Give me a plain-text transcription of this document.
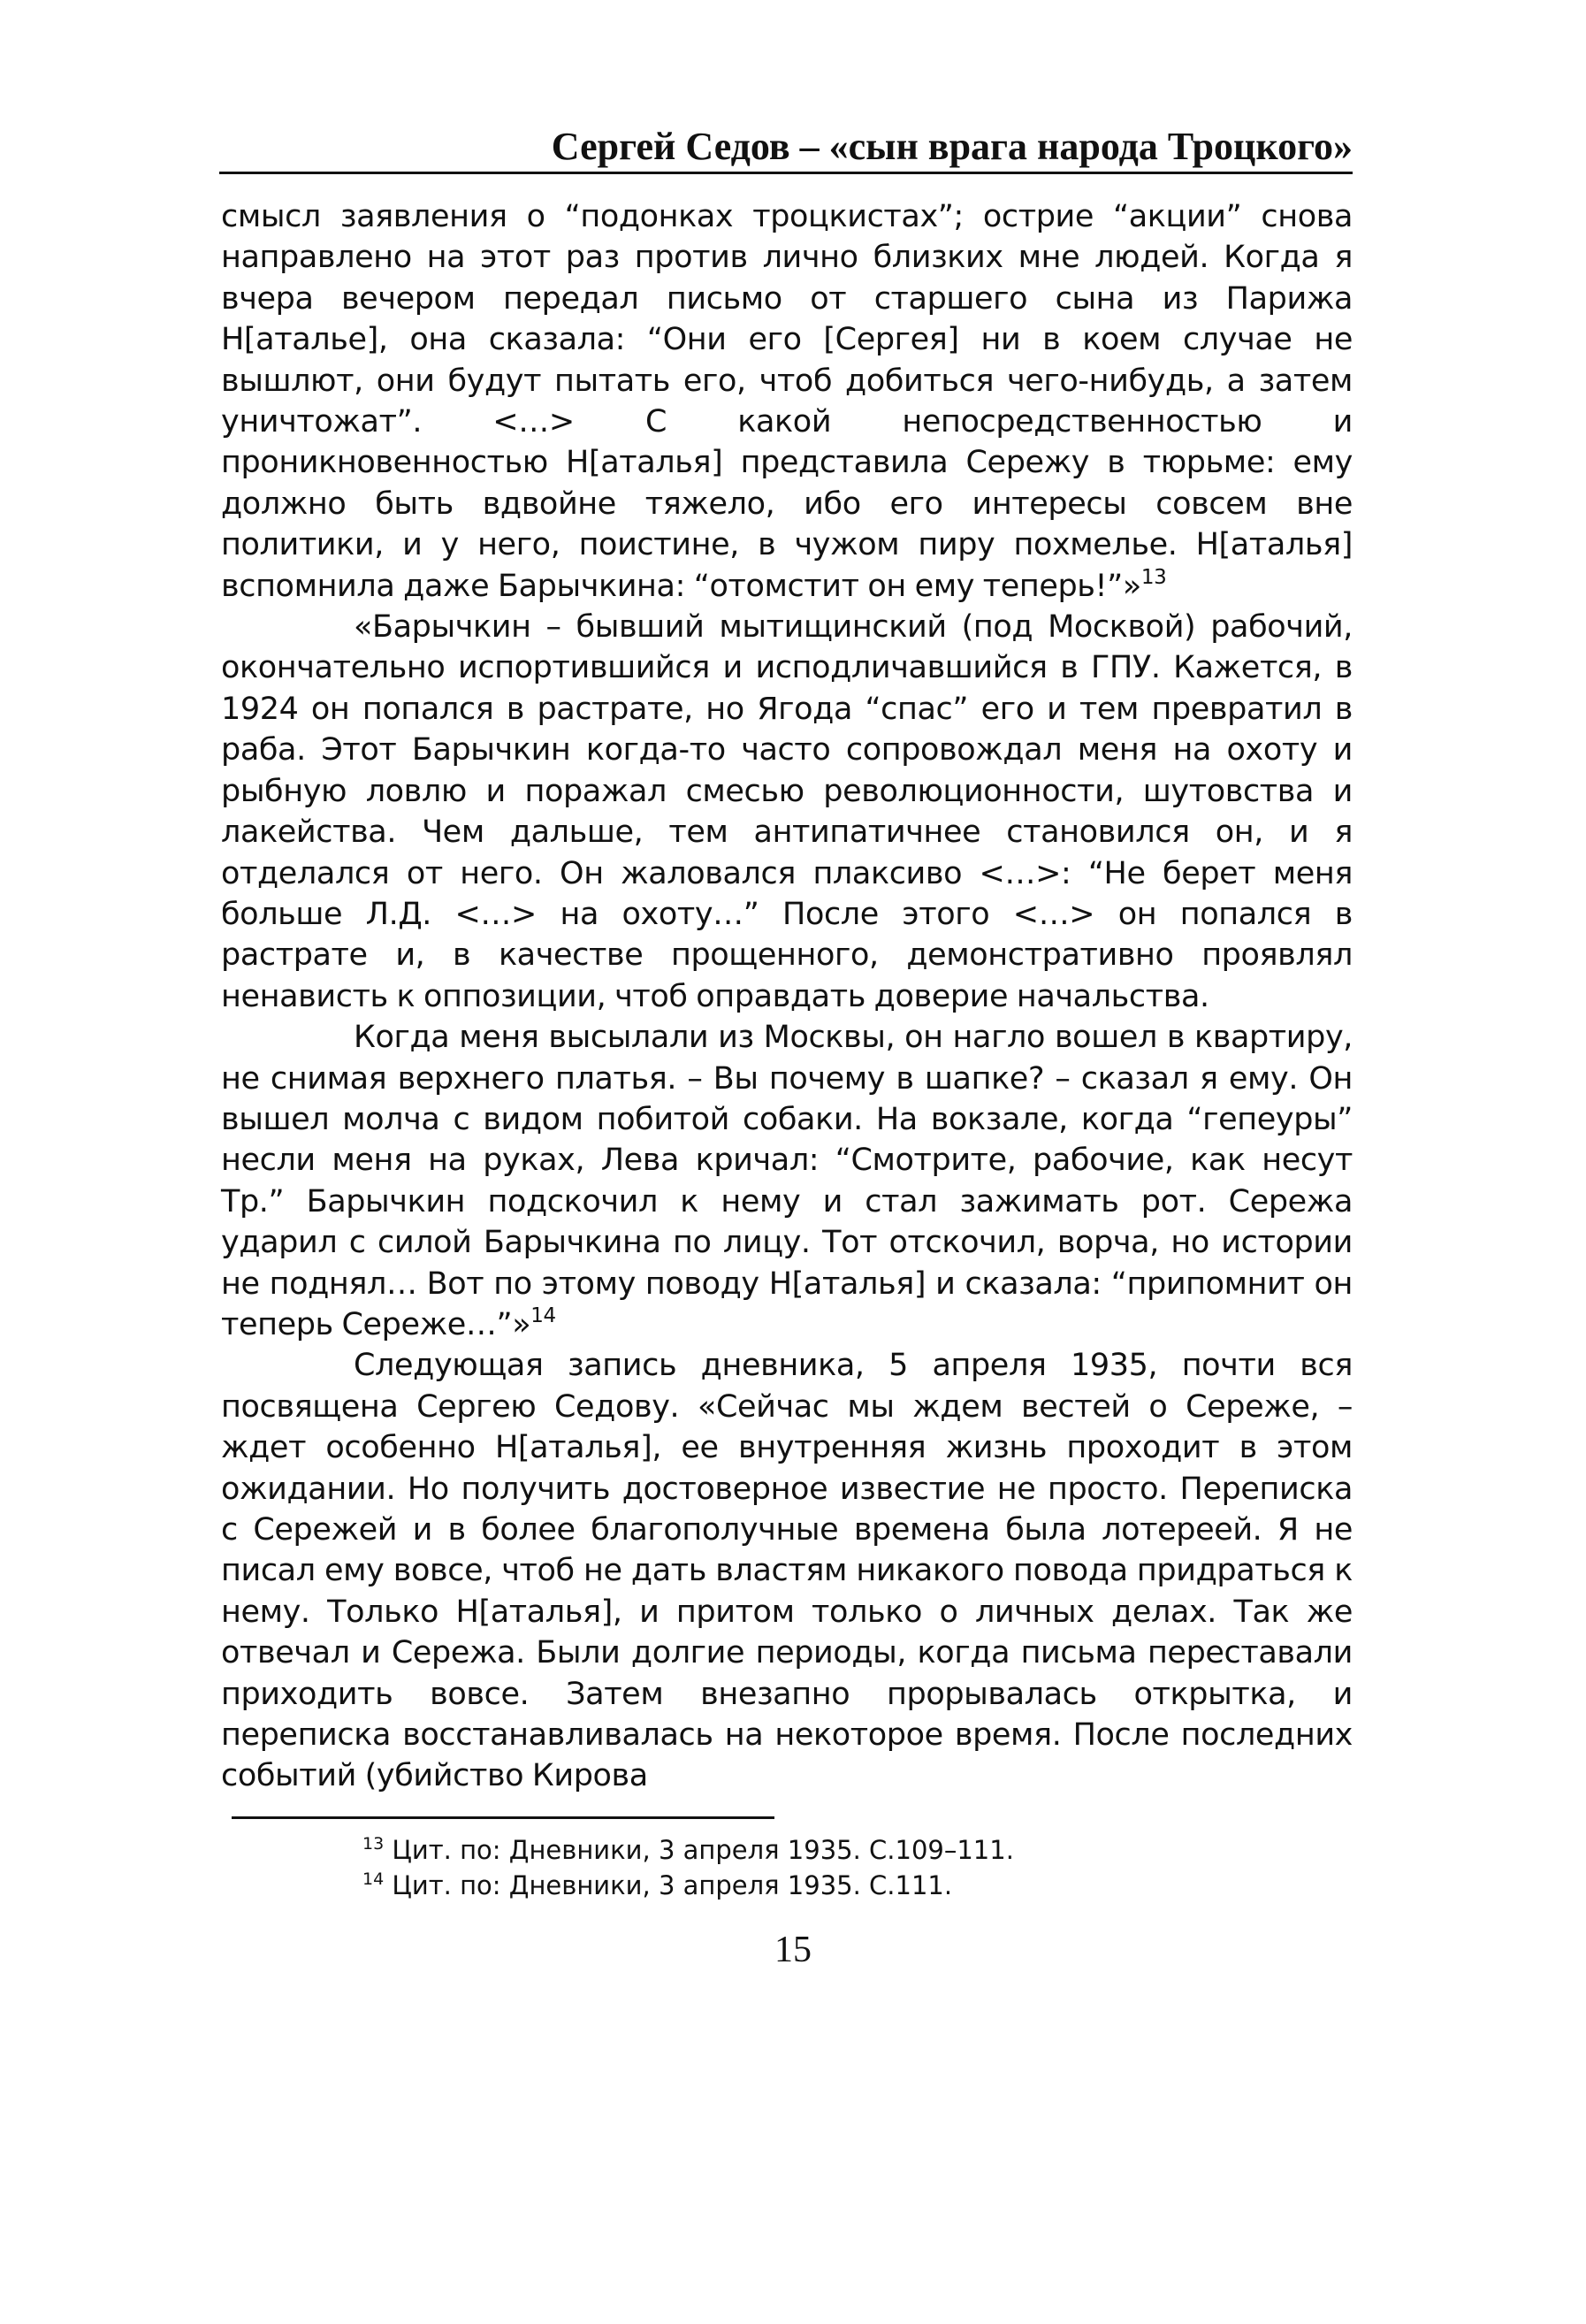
Сергей Седов – «сын врага народа Троцкого»

смысл заявления о “подонках троцкистах”; острие “акции” снова направлено на этот раз против лично близких мне людей. Когда я вчера вечером передал письмо от старшего сына из Парижа Н[аталье], она сказала: “Они его [Сергея] ни в коем случае не вышлют, они будут пытать его, чтоб добиться чего-нибудь, а затем уничтожат”. <…> С какой непосредственностью и проникновенностью Н[аталья] представила Сережу в тюрьме: ему должно быть вдвойне тяжело, ибо его интересы совсем вне политики, и у него, поистине, в чужом пиру похмелье. Н[аталья] вспомнила даже Барычкина: “отомстит он ему теперь!”»$^{13}$

«Барычкин – бывший мытищинский (под Москвой) рабочий, окончательно испортившийся и исподличавшийся в ГПУ. Кажется, в 1924 он попался в растрате, но Ягода “спас” его и тем превратил в раба. Этот Барычкин когда-то часто сопровождал меня на охоту и рыбную ловлю и поражал смесью революционности, шутовства и лакейства. Чем дальше, тем антипатичнее становился он, и я отделался от него. Он жаловался плаксиво <…>: “Не берет меня больше Л.Д. <…> на охоту…” После этого <…> он попался в растрате и, в качестве прощенного, демонстративно проявлял ненависть к оппозиции, чтоб оправдать доверие начальства.

Когда меня высылали из Москвы, он нагло вошел в квартиру, не снимая верхнего платья. – Вы почему в шапке? – сказал я ему. Он вышел молча с видом побитой собаки. На вокзале, когда “гепеуры” несли меня на руках, Лева кричал: “Смотрите, рабочие, как несут Тр.” Барычкин подскочил к нему и стал зажимать рот. Сережа ударил с силой Барычкина по лицу. Тот отскочил, ворча, но истории не поднял… Вот по этому поводу Н[аталья] и сказала: “припомнит он теперь Сереже…”»$^{14}$

Следующая запись дневника, 5 апреля 1935, почти вся посвящена Сергею Седову. «Сейчас мы ждем вестей о Сереже, – ждет особенно Н[аталья], ее внутренняя жизнь проходит в этом ожидании. Но получить достоверное известие не просто. Переписка с Сережей и в более благополучные времена была лотереей. Я не писал ему вовсе, чтоб не дать властям никакого повода придраться к нему. Только Н[аталья], и притом только о личных делах. Так же отвечал и Сережа. Были долгие периоды, когда письма переставали приходить вовсе. Затем внезапно прорывалась открытка, и переписка восстанавливалась на некоторое время. После последних событий (убийство Кирова

$^{13}$ Цит. по: Дневники, 3 апреля 1935. С.109–111.
$^{14}$ Цит. по: Дневники, 3 апреля 1935. С.111.
15
